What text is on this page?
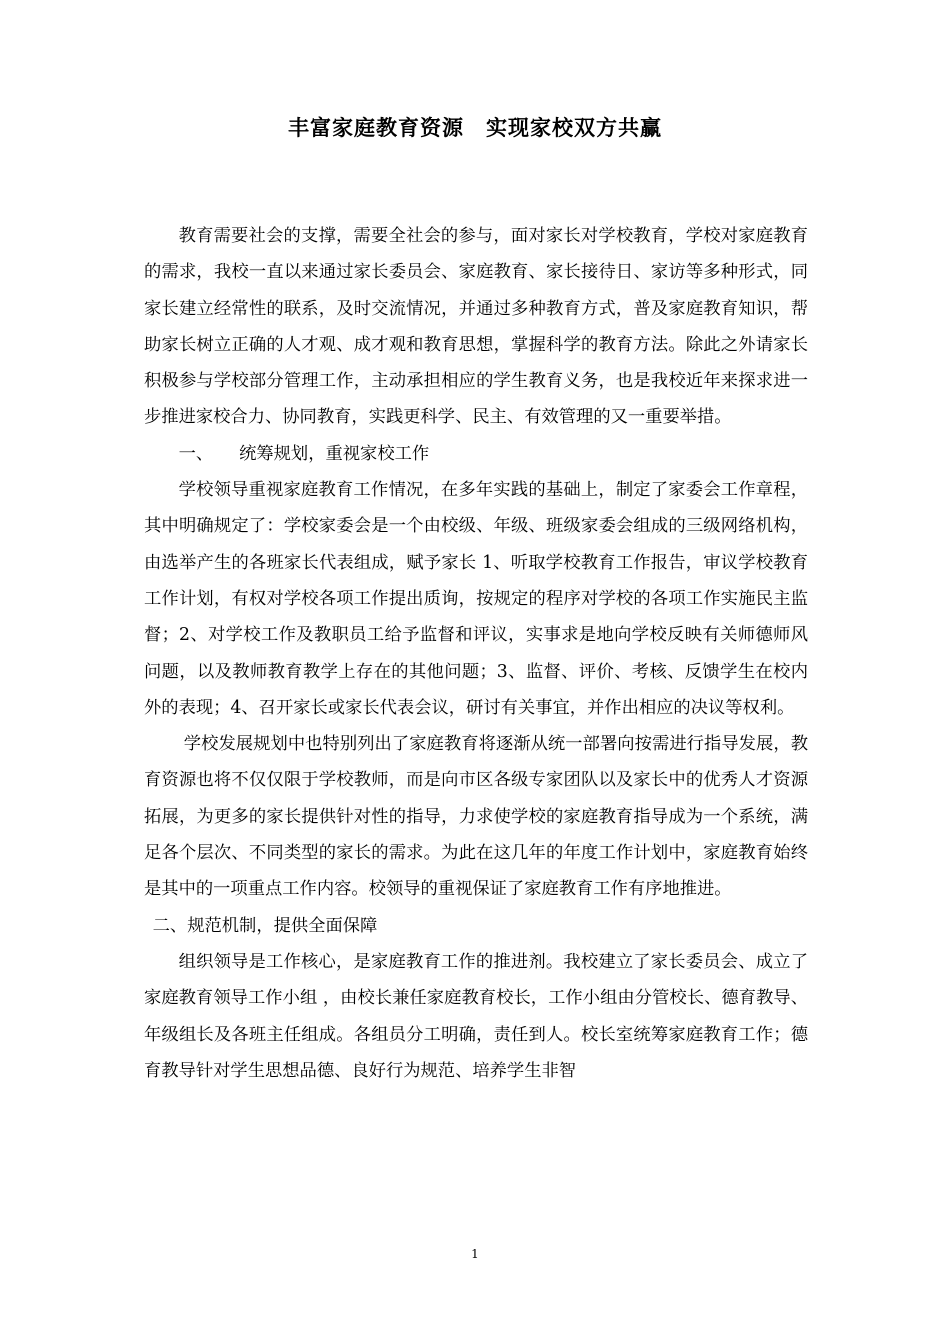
丰富家庭教育资源　实现家校双方共赢

教育需要社会的支撑，需要全社会的参与，面对家长对学校教育，学校对家庭教育的需求，我校一直以来通过家长委员会、家庭教育、家长接待日、家访等多种形式，同家长建立经常性的联系，及时交流情况，并通过多种教育方式，普及家庭教育知识，帮助家长树立正确的人才观、成才观和教育思想，掌握科学的教育方法。除此之外请家长积极参与学校部分管理工作，主动承担相应的学生教育义务，也是我校近年来探求进一步推进家校合力、协同教育，实践更科学、民主、有效管理的又一重要举措。

一、　　统筹规划，重视家校工作

学校领导重视家庭教育工作情况，在多年实践的基础上，制定了家委会工作章程，其中明确规定了：学校家委会是一个由校级、年级、班级家委会组成的三级网络机构，由选举产生的各班家长代表组成，赋予家长 1、听取学校教育工作报告，审议学校教育工作计划，有权对学校各项工作提出质询，按规定的程序对学校的各项工作实施民主监督；2、对学校工作及教职员工给予监督和评议，实事求是地向学校反映有关师德师风问题，以及教师教育教学上存在的其他问题；3、监督、评价、考核、反馈学生在校内外的表现；4、召开家长或家长代表会议，研讨有关事宜，并作出相应的决议等权利。

学校发展规划中也特别列出了家庭教育将逐渐从统一部署向按需进行指导发展，教育资源也将不仅仅限于学校教师，而是向市区各级专家团队以及家长中的优秀人才资源拓展，为更多的家长提供针对性的指导，力求使学校的家庭教育指导成为一个系统，满足各个层次、不同类型的家长的需求。为此在这几年的年度工作计划中，家庭教育始终是其中的一项重点工作内容。校领导的重视保证了家庭教育工作有序地推进。

二、规范机制，提供全面保障

组织领导是工作核心，是家庭教育工作的推进剂。我校建立了家长委员会、成立了家庭教育领导工作小组 ，由校长兼任家庭教育校长，工作小组由分管校长、德育教导、年级组长及各班主任组成。各组员分工明确，责任到人。校长室统筹家庭教育工作；德育教导针对学生思想品德、良好行为规范、培养学生非智

1
